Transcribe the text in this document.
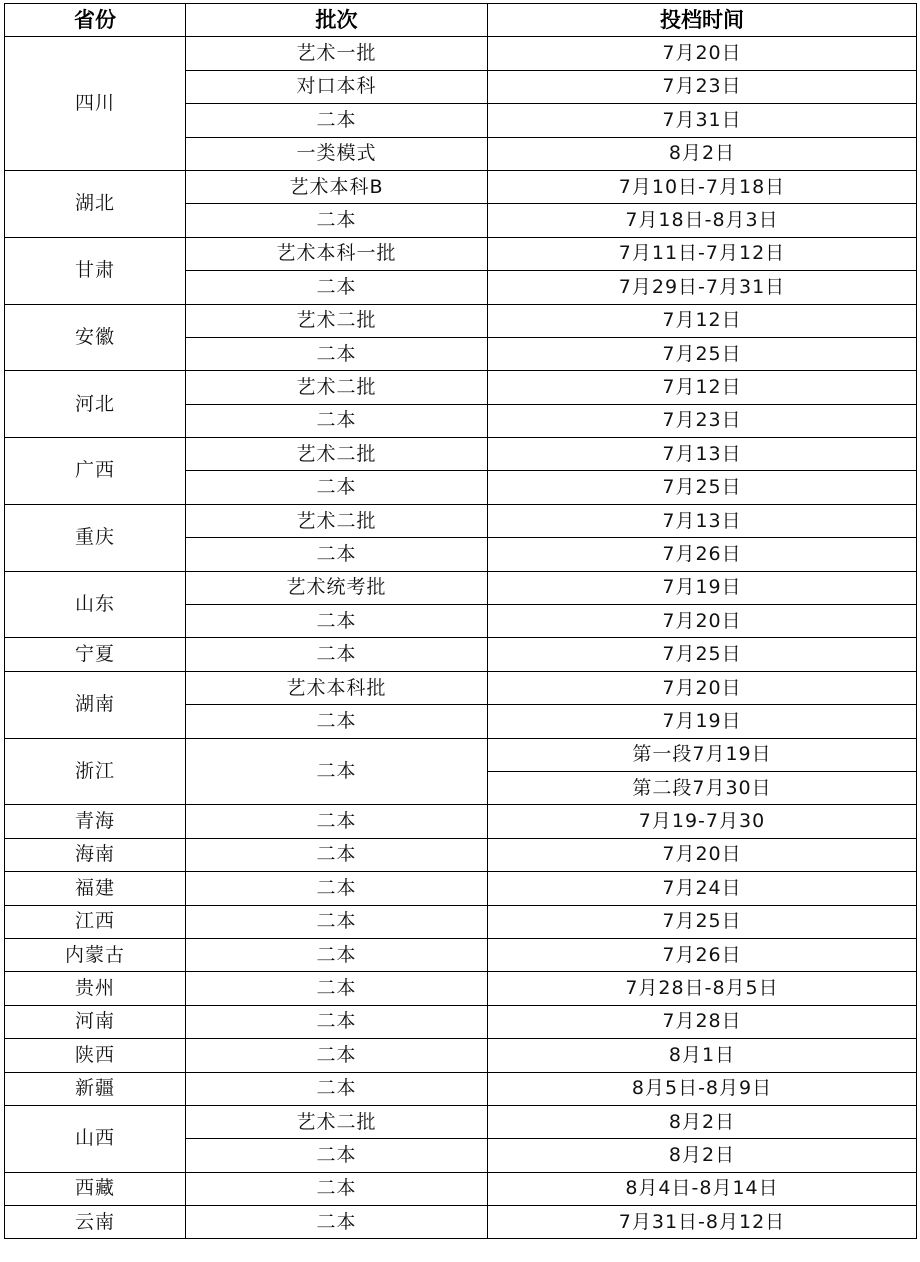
省份	批次	投档时间
四川	艺术一批	7月20日
	对口本科	7月23日
	二本	7月31日
	一类模式	8月2日
湖北	艺术本科B	7月10日-7月18日
	二本	7月18日-8月3日
甘肃	艺术本科一批	7月11日-7月12日
	二本	7月29日-7月31日
安徽	艺术二批	7月12日
	二本	7月25日
河北	艺术二批	7月12日
	二本	7月23日
广西	艺术二批	7月13日
	二本	7月25日
重庆	艺术二批	7月13日
	二本	7月26日
山东	艺术统考批	7月19日
	二本	7月20日
宁夏	二本	7月25日
湖南	艺术本科批	7月20日
	二本	7月19日
浙江	二本	第一段7月19日
		第二段7月30日
青海	二本	7月19-7月30
海南	二本	7月20日
福建	二本	7月24日
江西	二本	7月25日
内蒙古	二本	7月26日
贵州	二本	7月28日-8月5日
河南	二本	7月28日
陕西	二本	8月1日
新疆	二本	8月5日-8月9日
山西	艺术二批	8月2日
	二本	8月2日
西藏	二本	8月4日-8月14日
云南	二本	7月31日-8月12日
